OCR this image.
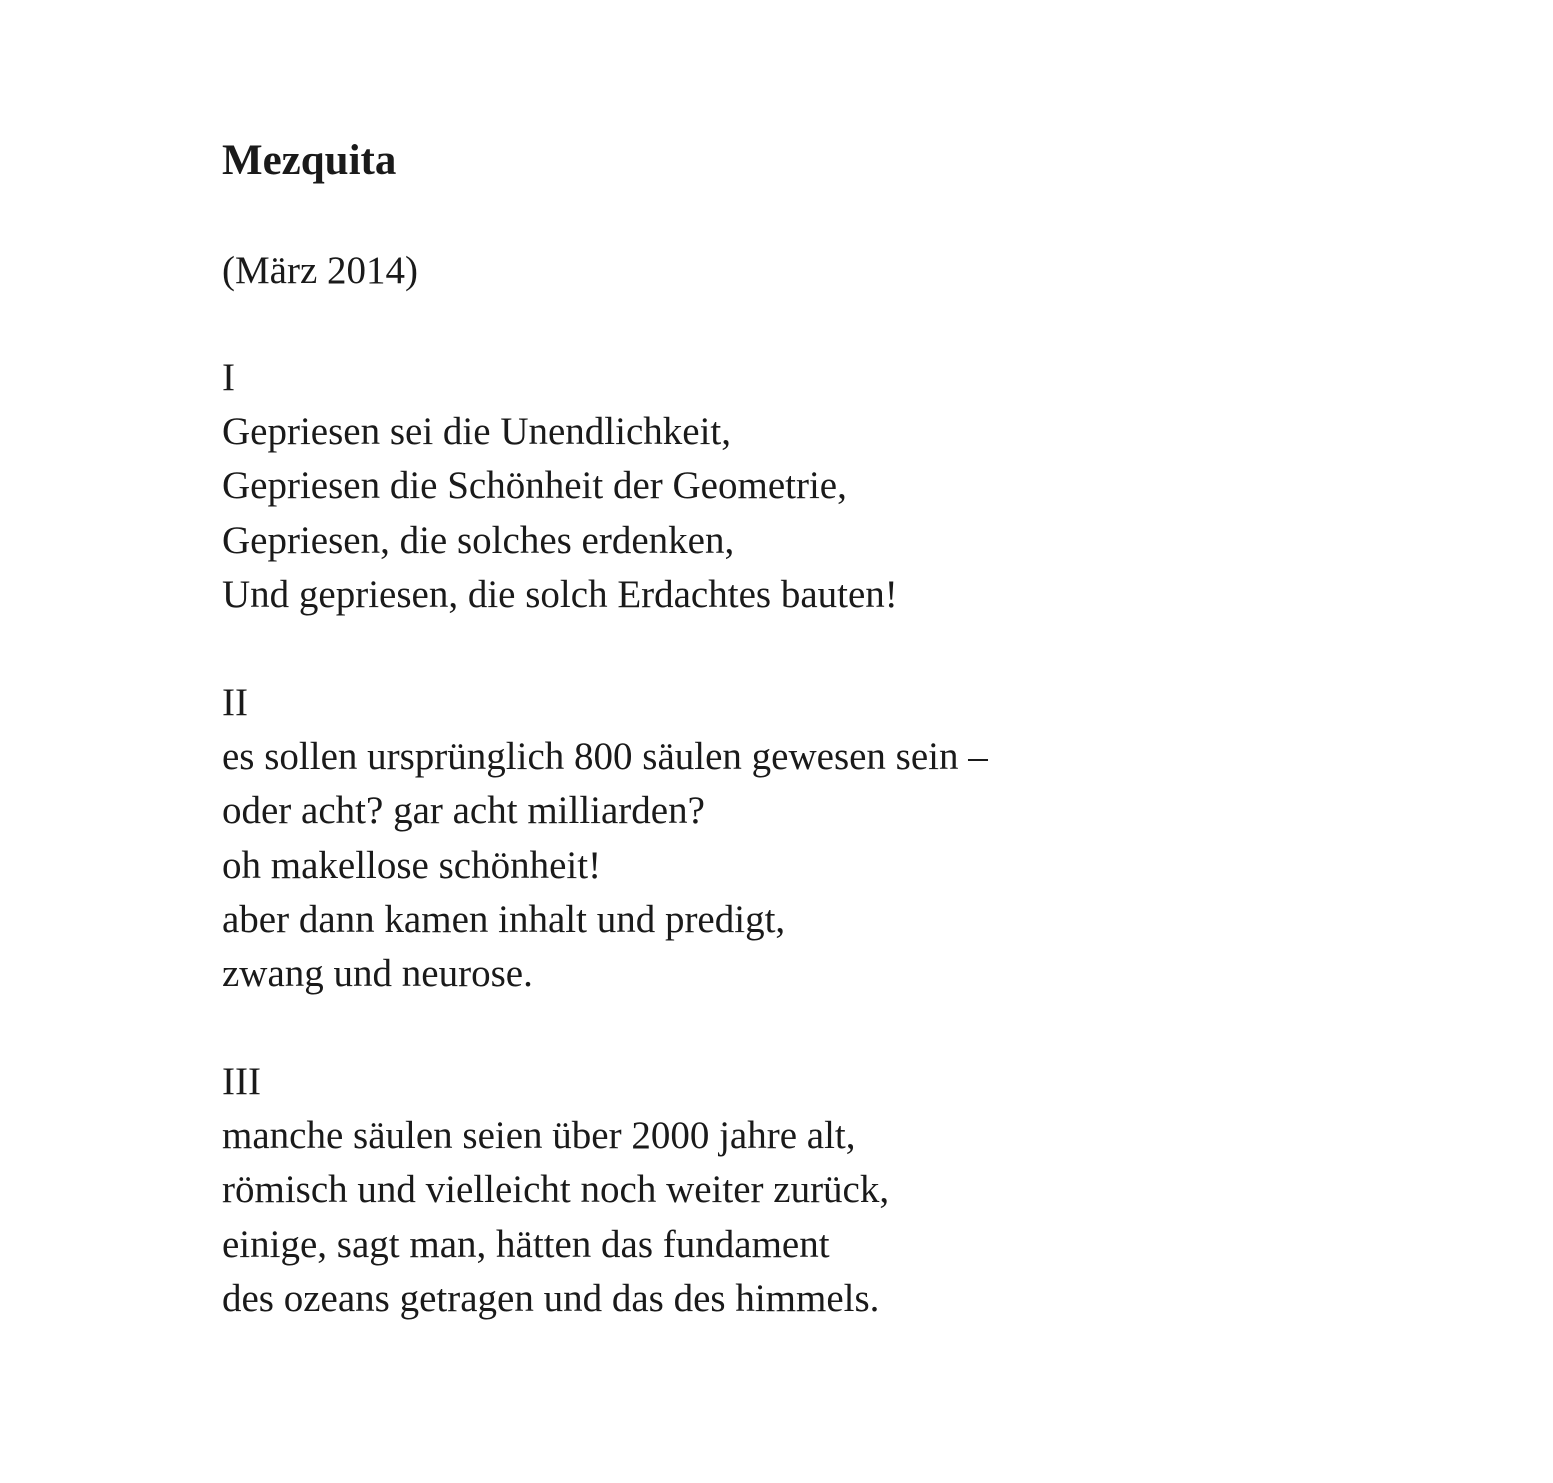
Mezquita

(März 2014)

I
Gepriesen sei die Unendlichkeit,
Gepriesen die Schönheit der Geometrie,
Gepriesen, die solches erdenken,
Und gepriesen, die solch Erdachtes bauten!
II
es sollen ursprünglich 800 säulen gewesen sein –
oder acht? gar acht milliarden?
oh makellose schönheit!
aber dann kamen inhalt und predigt,
zwang und neurose.
III
manche säulen seien über 2000 jahre alt,
römisch und vielleicht noch weiter zurück,
einige, sagt man, hätten das fundament
des ozeans getragen und das des himmels.
